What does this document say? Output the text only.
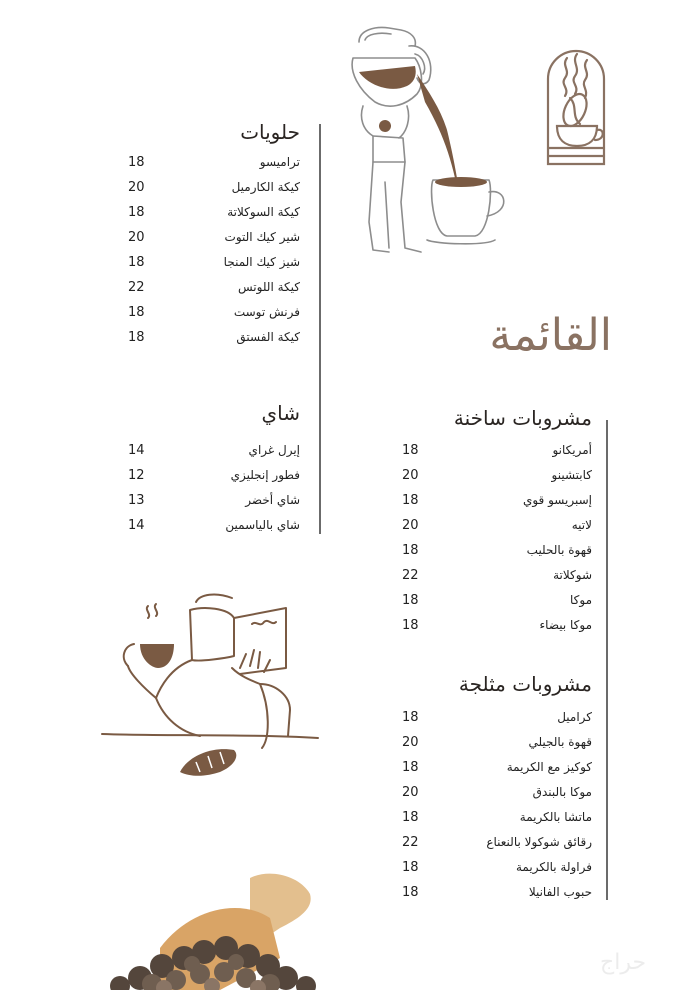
القائمة
حلويات
ترامیسو
18
كيكة الكارميل
20
كيكة السوكلاتة
18
شير كيك التوت
20
شيز كيك المنجا
18
كيكة اللوتس
22
فرنش توست
18
كيكة الفستق
18
شاي
إيرل غراي
14
فطور إنجليزي
12
شاي أخضر
13
شاي بالياسمين
14
مشروبات ساخنة
أمريكانو
18
كابتشينو
20
إسبريسو قوي
18
لاتيه
20
قهوة بالحليب
18
شوكلاتة
22
موكا
18
موكا بيضاء
18
مشروبات مثلجة
كراميل
18
قهوة بالجيلي
20
كوكيز مع الكريمة
18
موكا بالبندق
20
ماتشا بالكريمة
18
رقائق شوكولا بالنعناع
22
فراولة بالكريمة
18
حبوب الفانيلا
18
حراج
